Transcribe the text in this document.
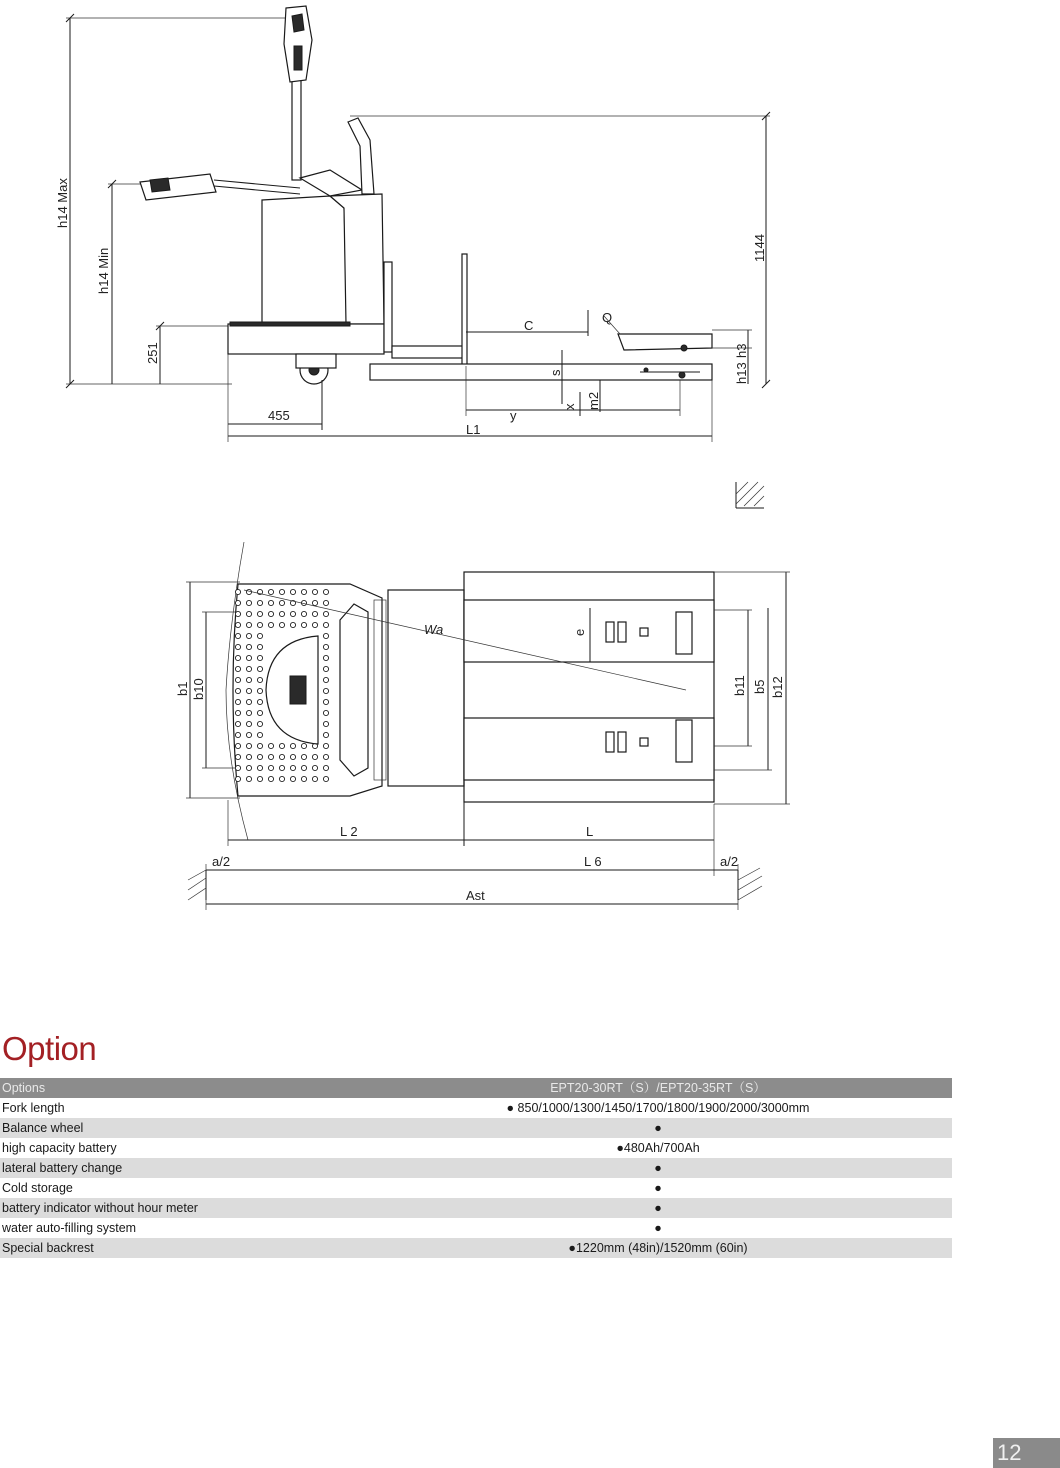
h14 Max
h14 Min
251
455
L1
y
x m2
s
C
Q
h3
h13
1144
b1 b10
Wa	e
b11 b5 b12
L 2	L
L 6
a/2	a/2
Ast
Option
Options	EPT20-30RT（S）/EPT20-35RT（S）
Fork length	● 850/1000/1300/1450/1700/1800/1900/2000/3000mm
Balance wheel	●
high capacity battery	●480Ah/700Ah
lateral battery change	●
Cold storage	●
battery indicator without hour meter	●
water auto-filling system	●
Special backrest	●1220mm (48in)/1520mm (60in)
12
